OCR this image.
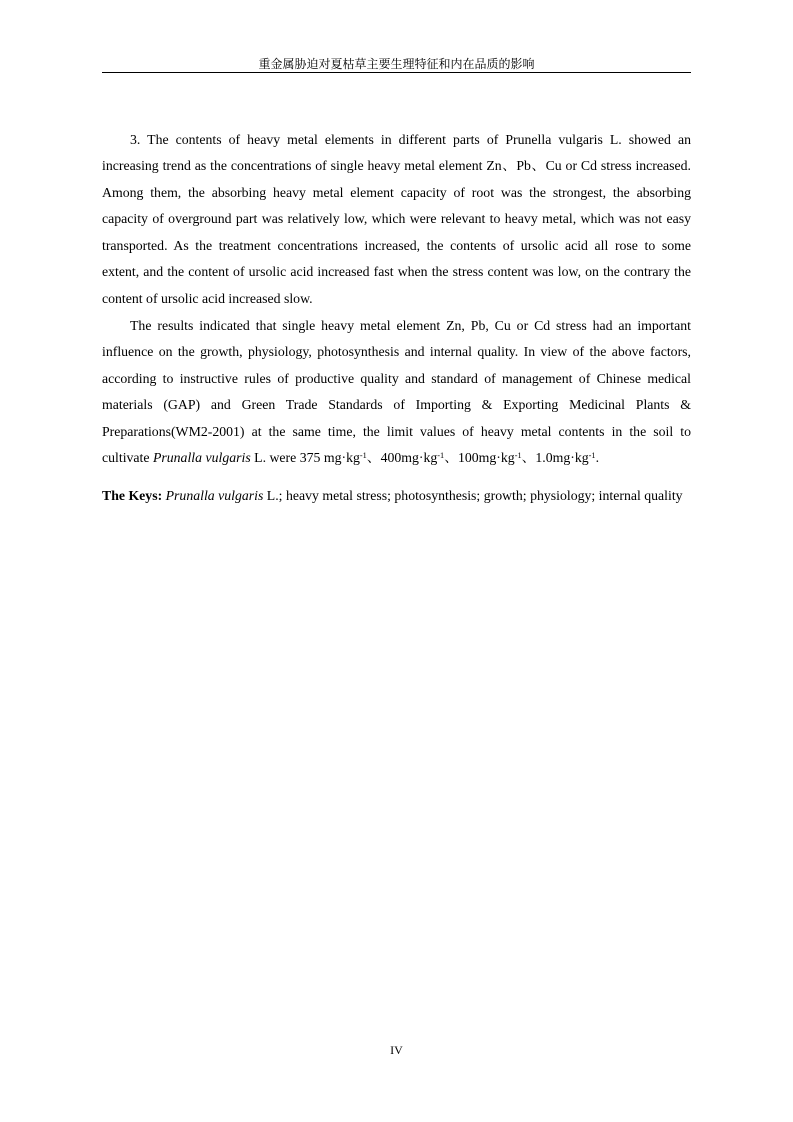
重金属胁迫对夏枯草主要生理特征和内在品质的影响
3. The contents of heavy metal elements in different parts of Prunella vulgaris L. showed an
increasing trend as the concentrations of single heavy metal element Zn、Pb、Cu or Cd stress increased.
Among them, the absorbing heavy metal element capacity of root was the strongest, the absorbing
capacity of overground part was relatively low, which were relevant to heavy metal, which was not easy
transported. As the treatment concentrations increased, the contents of ursolic acid all rose to some
extent, and the content of ursolic acid increased fast when the stress content was low, on the contrary the
content of ursolic acid increased slow.
The results indicated that single heavy metal element Zn, Pb, Cu or Cd stress had an important
influence on the growth, physiology, photosynthesis and internal quality. In view of the above factors,
according to instructive rules of productive quality and standard of management of Chinese medical
materials (GAP) and Green Trade Standards of Importing & Exporting Medicinal Plants &
Preparations(WM2-2001) at the same time, the limit values of heavy metal contents in the soil to
cultivate Prunalla vulgaris L. were 375 $mg\cdot kg^{-1}$、$400mg\cdot kg^{-1}$、$100mg\cdot kg^{-1}$、$1.0mg\cdot kg^{-1}$.
The Keys: Prunalla vulgaris L.; heavy metal stress; photosynthesis; growth; physiology; internal quality
IV
